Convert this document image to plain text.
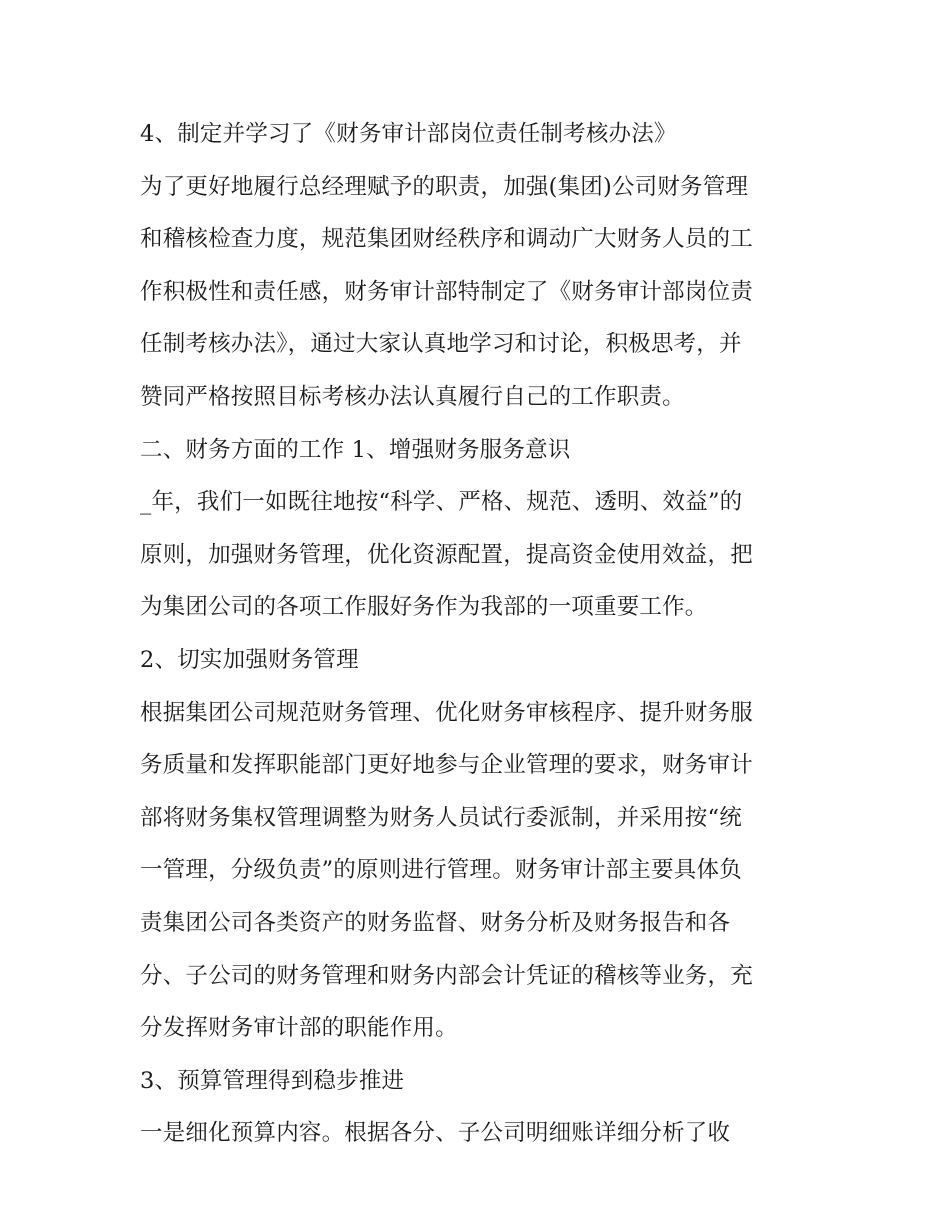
4、制定并学习了《财务审计部岗位责任制考核办法》
为了更好地履行总经理赋予的职责，加强(集团)公司财务管理
和稽核检查力度，规范集团财经秩序和调动广大财务人员的工
作积极性和责任感，财务审计部特制定了《财务审计部岗位责
任制考核办法》，通过大家认真地学习和讨论，积极思考，并
赞同严格按照目标考核办法认真履行自己的工作职责。
二、财务方面的工作 1、增强财务服务意识
_年，我们一如既往地按“科学、严格、规范、透明、效益”的
原则，加强财务管理，优化资源配置，提高资金使用效益，把
为集团公司的各项工作服好务作为我部的一项重要工作。
2、切实加强财务管理
根据集团公司规范财务管理、优化财务审核程序、提升财务服
务质量和发挥职能部门更好地参与企业管理的要求，财务审计
部将财务集权管理调整为财务人员试行委派制，并采用按“统
一管理，分级负责”的原则进行管理。财务审计部主要具体负
责集团公司各类资产的财务监督、财务分析及财务报告和各
分、子公司的财务管理和财务内部会计凭证的稽核等业务，充
分发挥财务审计部的职能作用。
3、预算管理得到稳步推进
一是细化预算内容。根据各分、子公司明细账详细分析了收
